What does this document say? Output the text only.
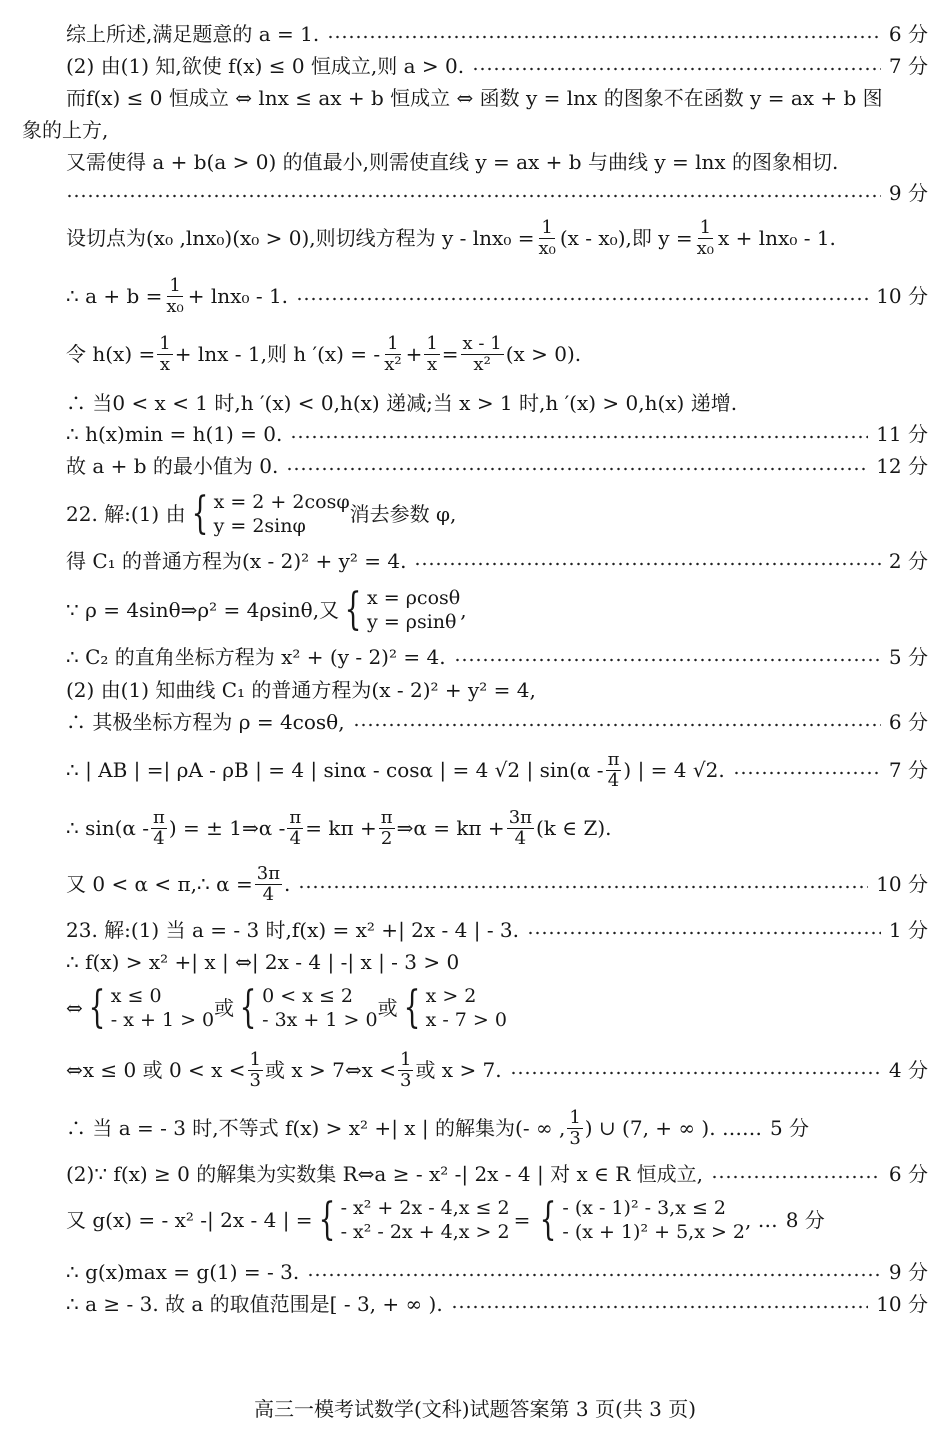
综上所述,满足题意的 a = 1.	6 分
(2) 由(1) 知,欲使 f(x) ≤ 0 恒成立,则 a > 0.	7 分
而f(x) ≤ 0 恒成立 ⇔ lnx ≤ ax + b 恒成立 ⇔ 函数 y = lnx 的图象不在函数 y = ax + b 图
象的上方,
又需使得 a + b(a > 0) 的值最小,则需使直线 y = ax + b 与曲线 y = lnx 的图象相切.
9 分
设切点为(x₀ ,lnx₀)(x₀ > 0),则切线方程为 $y - \ln x_0 = \frac{1}{\text{x₀}} (x - x_0)$,即 $y = \frac{1}{\text{x₀}}$ x + lnx₀ - 1.
∴ $a + b = \frac{1}{\text{x₀}} + \ln x_0 - 1$.	10 分
令 $h(x) = \frac{1}{x} + \ln x - 1$,则 h ′(x) = - $\frac{1}{\text{x²}} + \frac{1}{x} = \frac{x - 1}{\text{x²}} (x > 0)$.
∴ 当0 < x < 1 时,h ′(x) < 0,h(x) 递减;当 x > 1 时,h ′(x) > 0,h(x) 递增.
∴ h(x)min = h(1) = 0.	11 分
故 a + b 的最小值为 0.	12 分
22. 解:(1) 由 { x = 2 + 2cosφ
y = 2sinφ	消去参数 φ,
得 C₁ 的普通方程为(x - 2)² + y² = 4.	2 分
∵ ρ = 4sinθ⇒ρ² = 4ρsinθ,又 { x = ρcosθ
y = ρsinθ ,
∴ C₂ 的直角坐标方程为 x² + (y - 2)² = 4.	5 分
(2) 由(1) 知曲线 C₁ 的普通方程为(x - 2)² + y² = 4,
∴ 其极坐标方程为 ρ = 4cosθ,	6 分
∴ | AB | =| ρA - ρB | = 4 | sinα - cosα | = 4 √2 | $\sin(\alpha - \frac{\pi}{4}$ ) | = 4 √2.	7 分
∴ $\sin(\alpha - \frac{\pi}{4}$ ) = ± 1⇒α - $\frac{\pi}{4} = k\pi + \frac{\pi}{2}$ ⇒α = $k\pi + \frac{3\pi}{4} (k$ ∈ Z).
又 0 < α < π,∴ $\alpha = \frac{3\pi}{4}$ .	10 分
23. 解:(1) 当 a = - 3 时,f(x) = x² +| 2x - 4 | - 3.	1 分
∴ f(x) > x² +| x | ⇔| 2x - 4 | -| x | - 3 > 0
⇔ { x ≤ 0
- x + 1 > 0 或 { 0 < x ≤ 2
- 3x + 1 > 0 或 { x > 2
x - 7 > 0
⇔x ≤ 0 或 $0 < x < \frac{1}{3}$ 或 x > 7⇔x < $\frac{1}{3}$ 或 x > 7.	4 分
∴ 当 a = - 3 时,不等式 f(x) > x² +| x | 的解集为(- ∞ , $\frac{1}{3}$ ) ∪ (7, + ∞ ). …… 5 分
(2)∵ f(x) ≥ 0 的解集为实数集 R⇔a ≥ - x² -| 2x - 4 | 对 x ∈ R 恒成立,	6 分
又 g(x) = - x² -| 2x - 4 | = { - x² + 2x - 4,x ≤ 2
- x² - 2x + 4,x > 2 = { - (x - 1)² - 3,x ≤ 2
- (x + 1)² + 5,x > 2 , … 8 分
∴ g(x)max = g(1) = - 3.	9 分
∴ a ≥ - 3. 故 a 的取值范围是[ - 3, + ∞ ).	10 分
高三一模考试数学(文科)试题答案第 3 页(共 3 页)
